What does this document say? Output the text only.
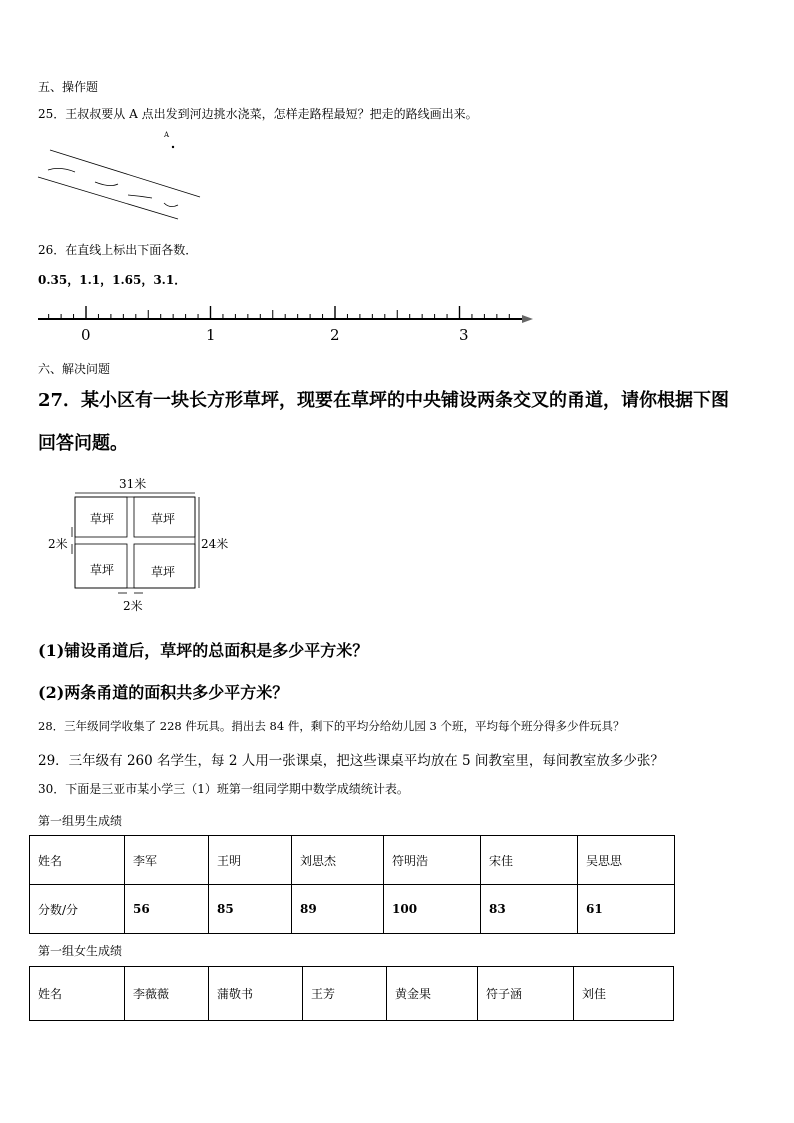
五、操作题
25．王叔叔要从 A 点出发到河边挑水浇菜，怎样走路程最短？把走的路线画出来。
A
26．在直线上标出下面各数．
0.35，1.1，1.65，3.1．
0	1	2	3
六、解决问题
27．某小区有一块长方形草坪，现要在草坪的中央铺设两条交叉的甬道，请你根据下图
回答问题。
31米
24米
2米
2米
草坪	草坪
草坪	草坪
(1)铺设甬道后，草坪的总面积是多少平方米？
(2)两条甬道的面积共多少平方米？
28．三年级同学收集了 228 件玩具。捐出去 84 件，剩下的平均分给幼儿园 3 个班，平均每个班分得多少件玩具？
29．三年级有 260 名学生，每 2 人用一张课桌，把这些课桌平均放在 5 间教室里，每间教室放多少张？
30．下面是三亚市某小学三（1）班第一组同学期中数学成绩统计表。
第一组男生成绩
姓名	李军	王明	刘思杰	符明浩	宋佳	吴思思
分数/分	56	85	89	100	83	61
第一组女生成绩
姓名	李薇薇	蒲敬书	王芳	黄金果	符子涵	刘佳
